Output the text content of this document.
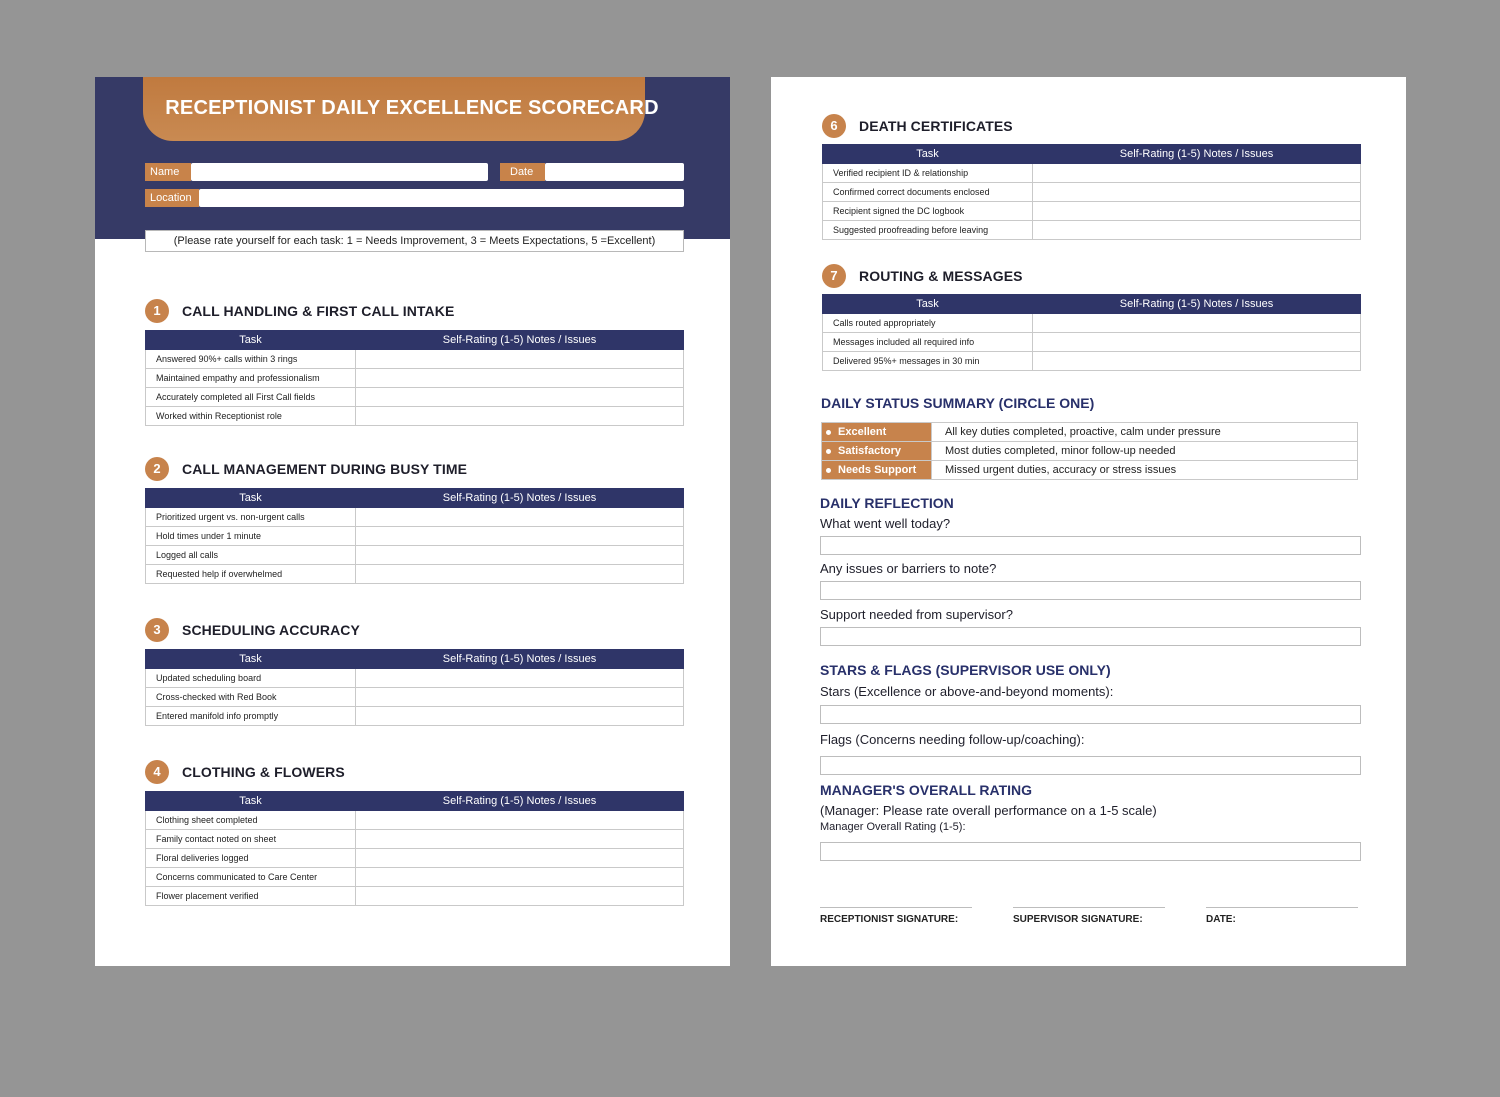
RECEPTIONIST DAILY EXCELLENCE SCORECARD
Name	Date
Location
(Please rate yourself for each task: 1 = Needs Improvement, 3 = Meets Expectations, 5 =Excellent)
1	CALL HANDLING & FIRST CALL INTAKE
Task	Self-Rating (1-5) Notes / Issues
Answered 90%+ calls within 3 rings	
Maintained empathy and professionalism	
Accurately completed all First Call fields	
Worked within Receptionist role	
2	CALL MANAGEMENT DURING BUSY TIME
Task	Self-Rating (1-5) Notes / Issues
Prioritized urgent vs. non-urgent calls	
Hold times under 1 minute	
Logged all calls	
Requested help if overwhelmed	
3	SCHEDULING ACCURACY
Task	Self-Rating (1-5) Notes / Issues
Updated scheduling board	
Cross-checked with Red Book	
Entered manifold info promptly	
4	CLOTHING & FLOWERS
Task	Self-Rating (1-5) Notes / Issues
Clothing sheet completed	
Family contact noted on sheet	
Floral deliveries logged	
Concerns communicated to Care Center	
Flower placement verified	
6	DEATH CERTIFICATES
Task	Self-Rating (1-5) Notes / Issues
Verified recipient ID & relationship	
Confirmed correct documents enclosed	
Recipient signed the DC logbook	
Suggested proofreading before leaving	
7	ROUTING & MESSAGES
Task	Self-Rating (1-5) Notes / Issues
Calls routed appropriately	
Messages included all required info	
Delivered 95%+ messages in 30 min	
DAILY STATUS SUMMARY (CIRCLE ONE)
Excellent	All key duties completed, proactive, calm under pressure
Satisfactory	Most duties completed, minor follow-up needed
Needs Support	Missed urgent duties, accuracy or stress issues
DAILY REFLECTION
What went well today?
Any issues or barriers to note?
Support needed from supervisor?
STARS & FLAGS (SUPERVISOR USE ONLY)
Stars (Excellence or above-and-beyond moments):
Flags (Concerns needing follow-up/coaching):
MANAGER'S OVERALL RATING
(Manager: Please rate overall performance on a 1-5 scale)
Manager Overall Rating (1-5):
RECEPTIONIST SIGNATURE:	SUPERVISOR SIGNATURE:	DATE:
